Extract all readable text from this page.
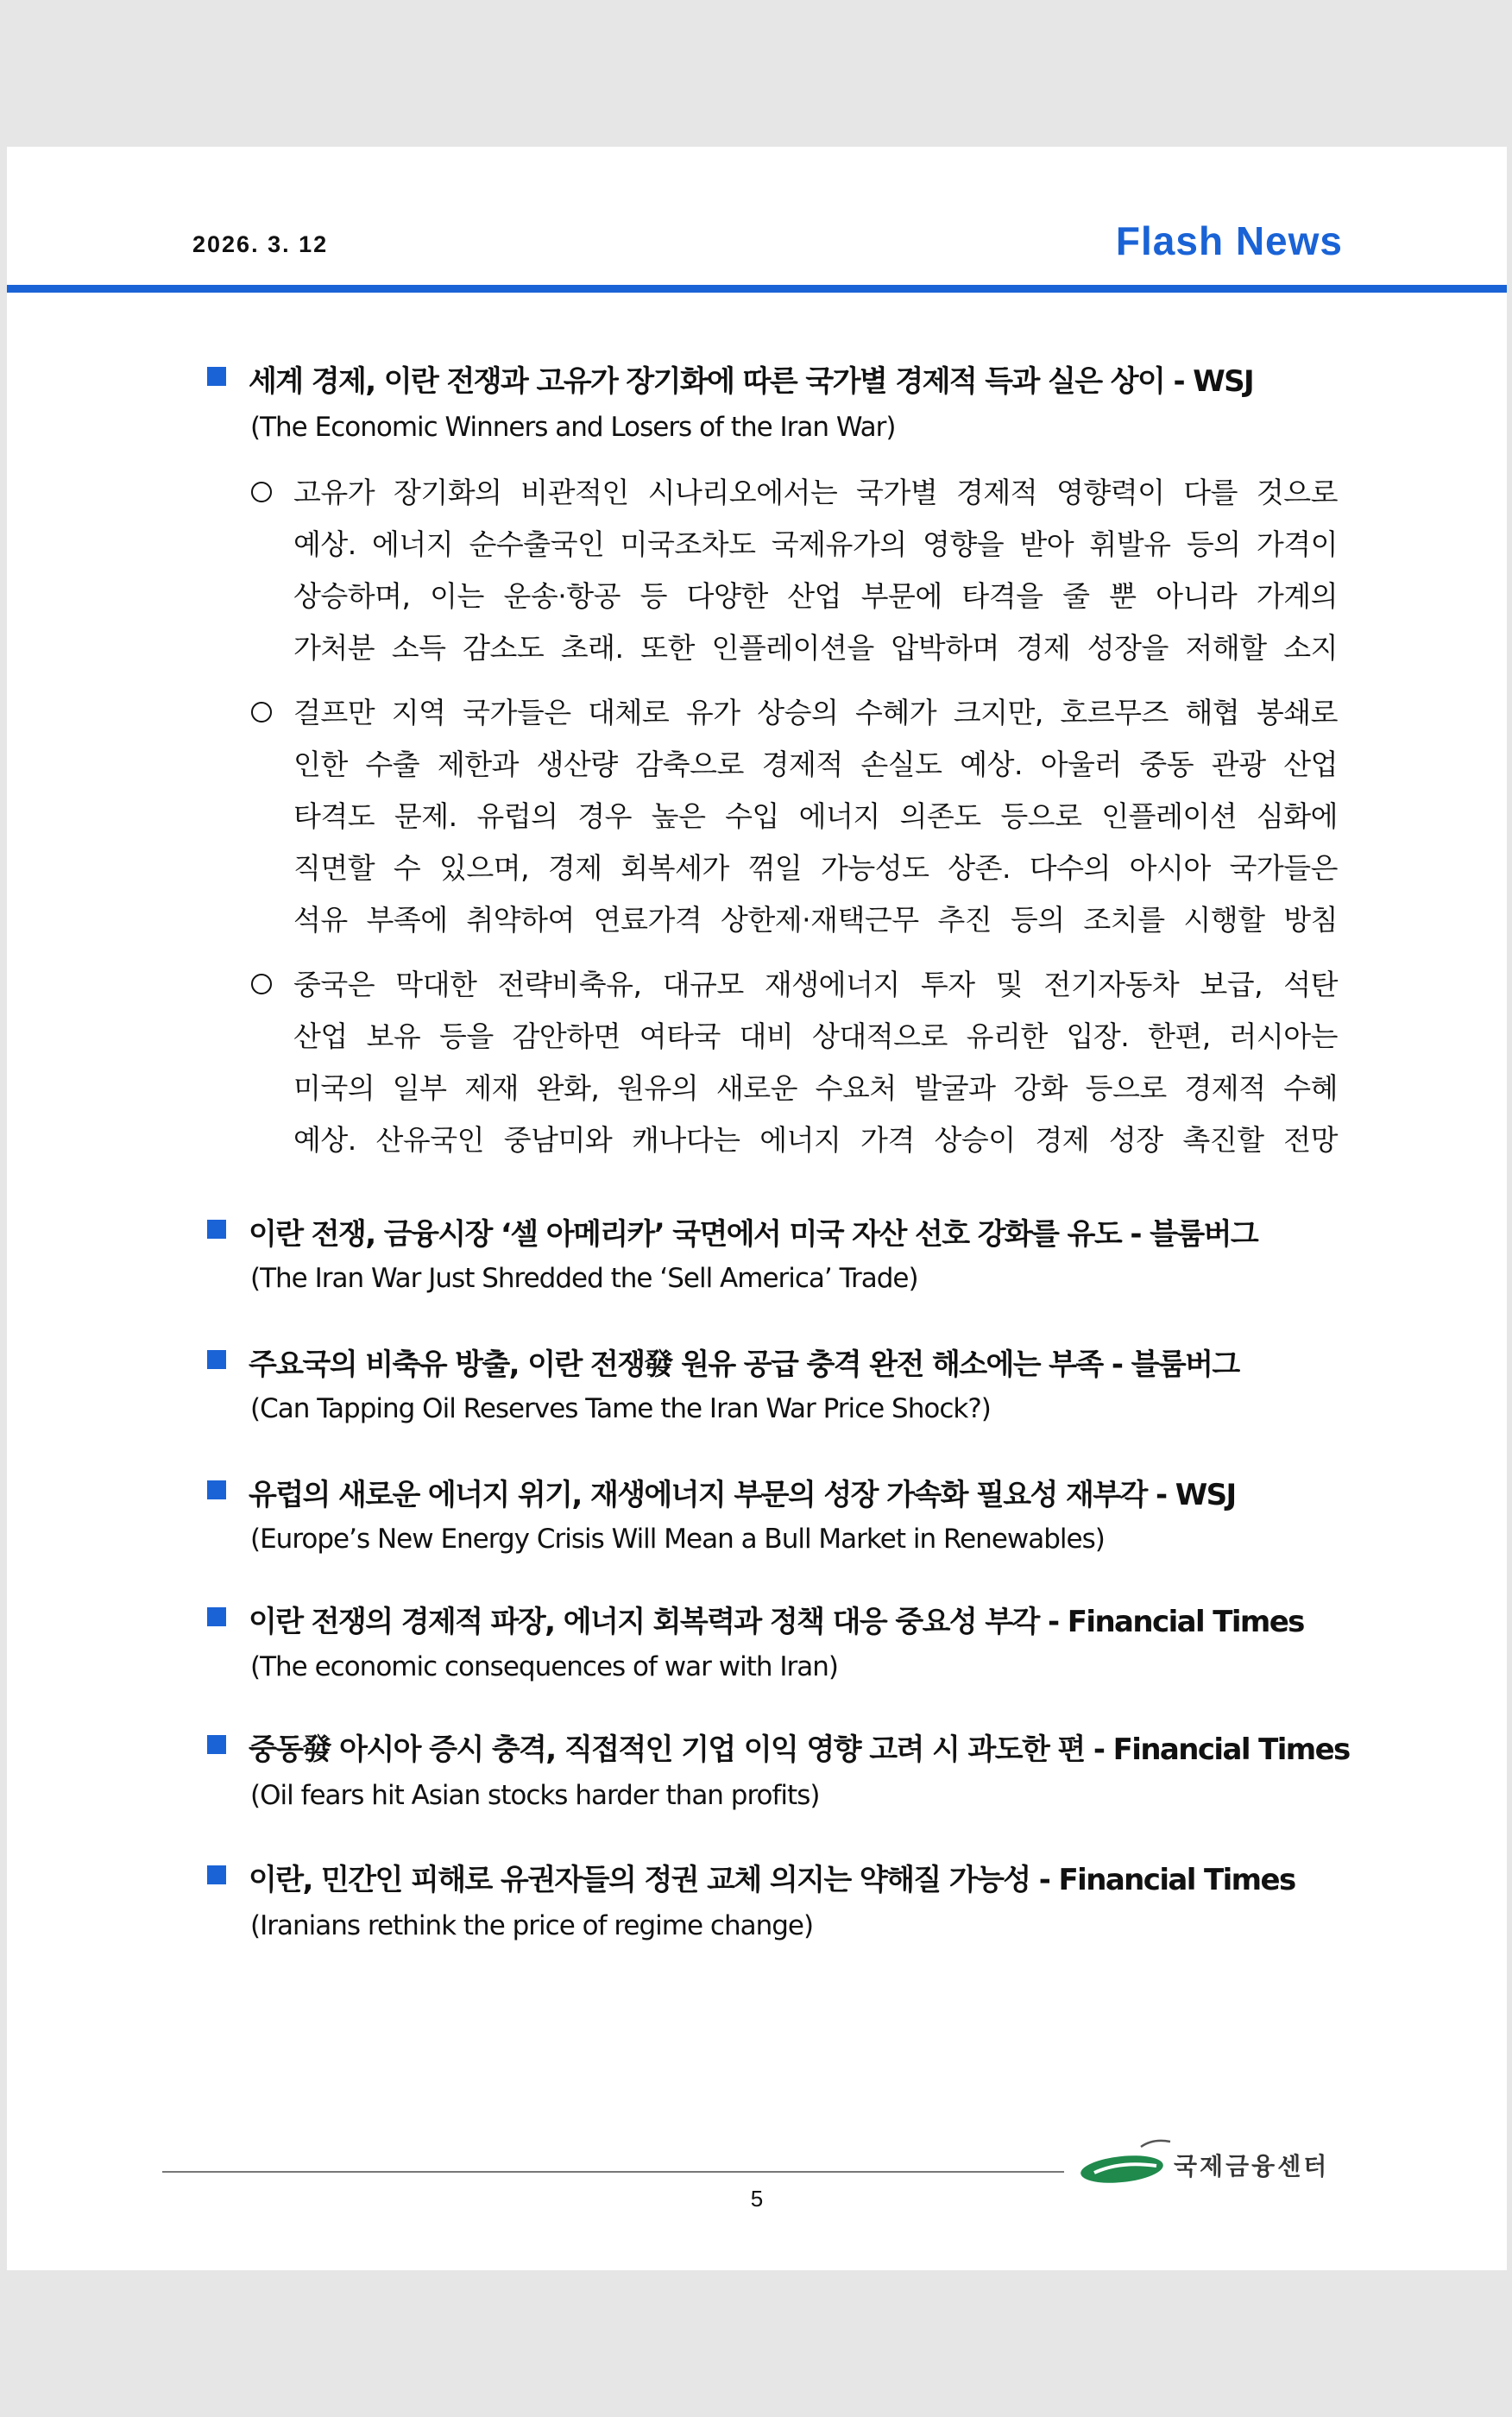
2026. 3. 12	Flash News
세계 경제, 이란 전쟁과 고유가 장기화에 따른 국가별 경제적 득과 실은 상이 - WSJ
(The Economic Winners and Losers of the Iran War)
고유가 장기화의 비관적인 시나리오에서는 국가별 경제적 영향력이 다를 것으로
예상. 에너지 순수출국인 미국조차도 국제유가의 영향을 받아 휘발유 등의 가격이
상승하며, 이는 운송·항공 등 다양한 산업 부문에 타격을 줄 뿐 아니라 가계의
가처분 소득 감소도 초래. 또한 인플레이션을 압박하며 경제 성장을 저해할 소지
걸프만 지역 국가들은 대체로 유가 상승의 수혜가 크지만, 호르무즈 해협 봉쇄로
인한 수출 제한과 생산량 감축으로 경제적 손실도 예상. 아울러 중동 관광 산업
타격도 문제. 유럽의 경우 높은 수입 에너지 의존도 등으로 인플레이션 심화에
직면할 수 있으며, 경제 회복세가 꺾일 가능성도 상존. 다수의 아시아 국가들은
석유 부족에 취약하여 연료가격 상한제·재택근무 추진 등의 조치를 시행할 방침
중국은 막대한 전략비축유, 대규모 재생에너지 투자 및 전기자동차 보급, 석탄
산업 보유 등을 감안하면 여타국 대비 상대적으로 유리한 입장. 한편, 러시아는
미국의 일부 제재 완화, 원유의 새로운 수요처 발굴과 강화 등으로 경제적 수혜
예상. 산유국인 중남미와 캐나다는 에너지 가격 상승이 경제 성장 촉진할 전망
이란 전쟁, 금융시장 ‘셀 아메리카’ 국면에서 미국 자산 선호 강화를 유도 - 블룸버그
(The Iran War Just Shredded the ‘Sell America’ Trade)
주요국의 비축유 방출, 이란 전쟁發 원유 공급 충격 완전 해소에는 부족 - 블룸버그
(Can Tapping Oil Reserves Tame the Iran War Price Shock?)
유럽의 새로운 에너지 위기, 재생에너지 부문의 성장 가속화 필요성 재부각 - WSJ
(Europe’s New Energy Crisis Will Mean a Bull Market in Renewables)
이란 전쟁의 경제적 파장, 에너지 회복력과 정책 대응 중요성 부각 - Financial Times
(The economic consequences of war with Iran)
중동發 아시아 증시 충격, 직접적인 기업 이익 영향 고려 시 과도한 편 - Financial Times
(Oil fears hit Asian stocks harder than profits)
이란, 민간인 피해로 유권자들의 정권 교체 의지는 약해질 가능성 - Financial Times
(Iranians rethink the price of regime change)
5
국제금융센터
